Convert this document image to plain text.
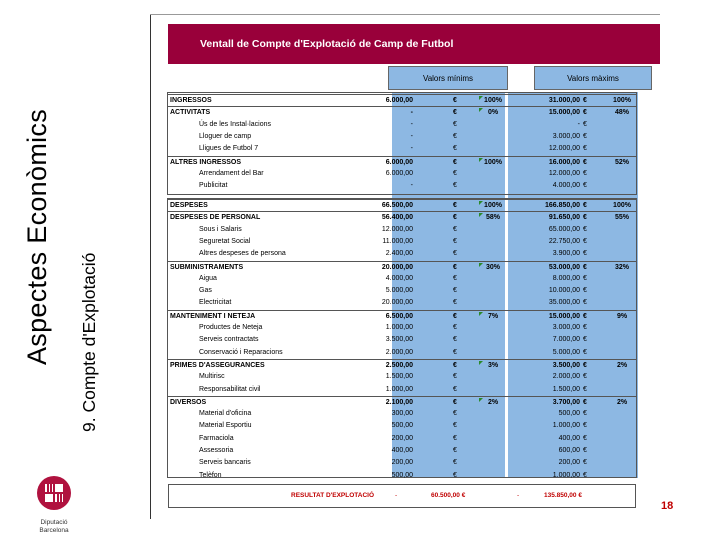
Aspectes Econòmics 9. Compte d'Explotació
Diputació
Barcelona
Ventall de Compte d'Explotació de Camp de Futbol
Valors mínims	Valors màxims
INGRESSOS	6.000,00	€	100%	31.000,00 €	100%
ACTIVITATS	-	€	0%	15.000,00 €	48%
Ús de les Instal·lacions	-	€	- €
Lloguer de camp	-	€	3.000,00 €
Lligues de Futbol 7	-	€	12.000,00 €
ALTRES INGRESSOS	6.000,00	€	100%	16.000,00 €	52%
Arrendament del Bar	6.000,00	€	12.000,00 €
Publicitat	-	€	4.000,00 €
DESPESES	66.500,00	€	100%	166.850,00 €	100%
DESPESES DE PERSONAL	56.400,00	€	58%	91.650,00 €	55%
Sous i Salaris	12.000,00	€	65.000,00 €
Seguretat Social	11.000,00	€	22.750,00 €
Altres despeses de persona	2.400,00	€	3.900,00 €
SUBMINISTRAMENTS	20.000,00	€	30%	53.000,00 €	32%
Aigua	4.000,00	€	8.000,00 €
Gas	5.000,00	€	10.000,00 €
Electricitat	20.000,00	€	35.000,00 €
MANTENIMENT I NETEJA	6.500,00	€	7%	15.000,00 €	9%
Productes de Neteja	1.000,00	€	3.000,00 €
Serveis contractats	3.500,00	€	7.000,00 €
Conservació i Reparacions	2.000,00	€	5.000,00 €
PRIMES D'ASSEGURANCES	2.500,00	€	3%	3.500,00 €	2%
Multirisc	1.500,00	€	2.000,00 €
Responsabilitat civil	1.000,00	€	1.500,00 €
DIVERSOS	2.100,00	€	2%	3.700,00 €	2%
Material d'oficina	300,00	€	500,00 €
Material Esportiu	500,00	€	1.000,00 €
Farmaciola	200,00	€	400,00 €
Assessoria	400,00	€	600,00 €
Serveis bancaris	200,00	€	200,00 €
Telèfon	500,00	€	1.000,00 €
RESULTAT D'EXPLOTACIÓ	-	60.500,00 €	-	135.850,00 €
18
